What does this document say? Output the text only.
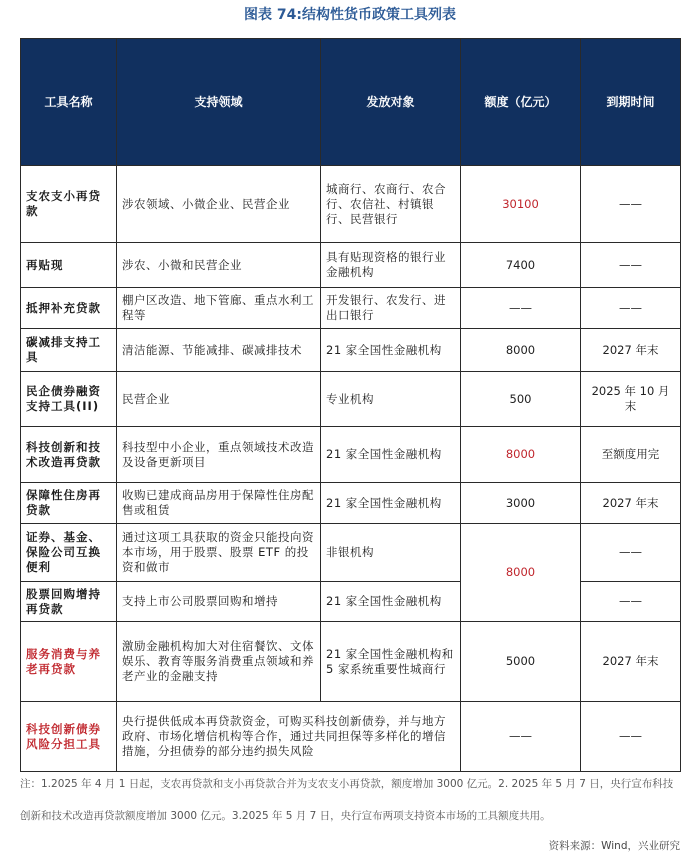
图表 74:结构性货币政策工具列表
工具名称	支持领域	发放对象	额度（亿元）	到期时间
支农支小再贷款	涉农领域、小微企业、民营企业	城商行、农商行、农合行、农信社、村镇银行、民营银行	30100	——
再贴现	涉农、小微和民营企业	具有贴现资格的银行业金融机构	7400	——
抵押补充贷款	棚户区改造、地下管廊、重点水利工程等	开发银行、农发行、进出口银行	——	——
碳减排支持工具	清洁能源、节能减排、碳减排技术	21 家全国性金融机构	8000	2027 年末
民企债券融资支持工具(II)	民营企业	专业机构	500	2025 年 10 月末
科技创新和技术改造再贷款	科技型中小企业，重点领域技术改造及设备更新项目	21 家全国性金融机构	8000	至额度用完
保障性住房再贷款	收购已建成商品房用于保障性住房配售或租赁	21 家全国性金融机构	3000	2027 年末
证券、基金、保险公司互换便利	通过这项工具获取的资金只能投向资本市场，用于股票、股票 ETF 的投资和做市	非银机构	8000	——
股票回购增持再贷款	支持上市公司股票回购和增持	21 家全国性金融机构		——
服务消费与养老再贷款	激励金融机构加大对住宿餐饮、文体娱乐、教育等服务消费重点领域和养老产业的金融支持	21 家全国性金融机构和 5 家系统重要性城商行	5000	2027 年末
科技创新债券风险分担工具	央行提供低成本再贷款资金，可购买科技创新债券，并与地方政府、市场化增信机构等合作，通过共同担保等多样化的增信措施，分担债券的部分违约损失风险		——	——
注：1.2025 年 4 月 1 日起，支农再贷款和支小再贷款合并为支农支小再贷款，额度增加 3000 亿元。2. 2025 年 5 月 7 日，央行宣布科技
创新和技术改造再贷款额度增加 3000 亿元。3.2025 年 5 月 7 日，央行宣布两项支持资本市场的工具额度共用。
资料来源：Wind，兴业研究
